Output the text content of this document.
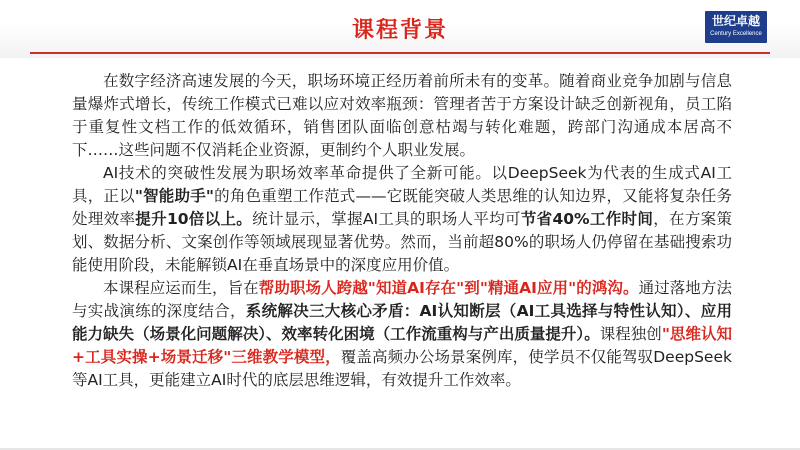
课程背景	世纪卓越
Century Excellence

在数字经济高速发展的今天，职场环境正经历着前所未有的变革。随着商业竞争加剧与信息量爆炸式增长，传统工作模式已难以应对效率瓶颈：管理者苦于方案设计缺乏创新视角，员工陷于重复性文档工作的低效循环，销售团队面临创意枯竭与转化难题，跨部门沟通成本居高不下……这些问题不仅消耗企业资源，更制约个人职业发展。

AI技术的突破性发展为职场效率革命提供了全新可能。以DeepSeek为代表的生成式AI工具，正以"智能助手"的角色重塑工作范式——它既能突破人类思维的认知边界，又能将复杂任务处理效率提升10倍以上。统计显示，掌握AI工具的职场人平均可节省40%工作时间，在方案策划、数据分析、文案创作等领域展现显著优势。然而，当前超80%的职场人仍停留在基础搜索功能使用阶段，未能解锁AI在垂直场景中的深度应用价值。

本课程应运而生，旨在帮助职场人跨越"知道AI存在"到"精通AI应用"的鸿沟。通过落地方法与实战演练的深度结合，系统解决三大核心矛盾：AI认知断层（AI工具选择与特性认知）、应用能力缺失（场景化问题解决）、效率转化困境（工作流重构与产出质量提升）。课程独创"思维认知+工具实操+场景迁移"三维教学模型，覆盖高频办公场景案例库，使学员不仅能驾驭DeepSeek等AI工具，更能建立AI时代的底层思维逻辑，有效提升工作效率。
